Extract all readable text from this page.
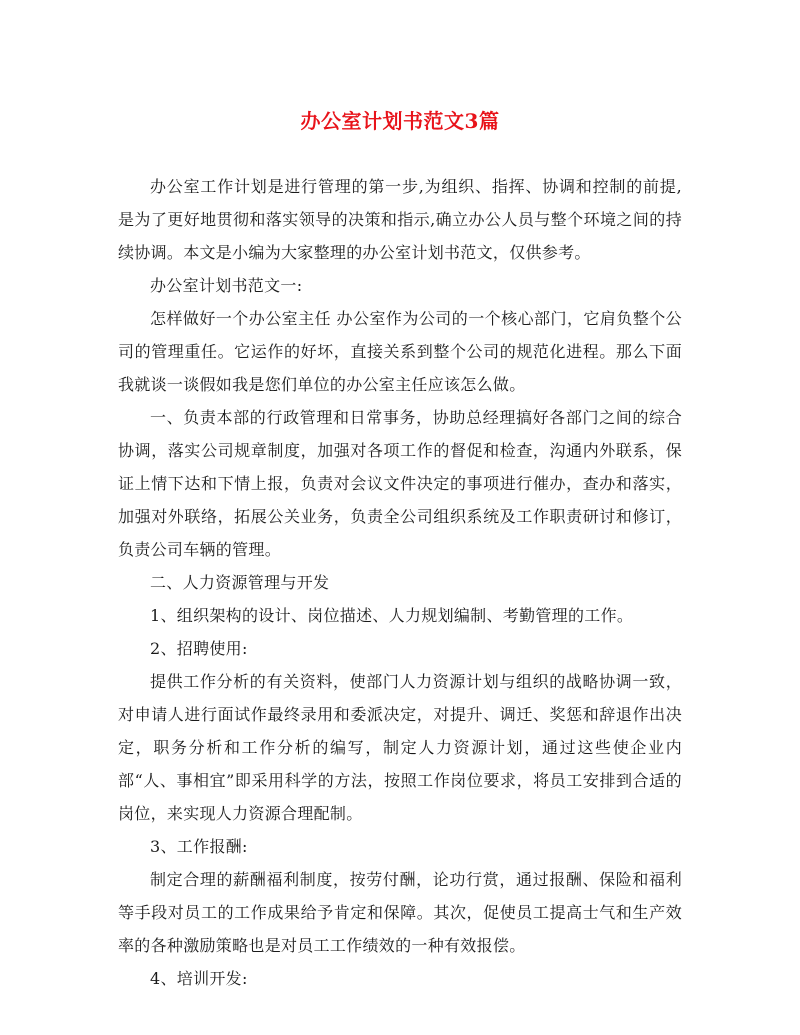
办公室计划书范文3篇

办公室工作计划是进行管理的第一步,为组织、指挥、协调和控制的前提,是为了更好地贯彻和落实领导的决策和指示,确立办公人员与整个环境之间的持续协调。本文是小编为大家整理的办公室计划书范文，仅供参考。

办公室计划书范文一:

怎样做好一个办公室主任 办公室作为公司的一个核心部门，它肩负整个公司的管理重任。它运作的好坏，直接关系到整个公司的规范化进程。那么下面我就谈一谈假如我是您们单位的办公室主任应该怎么做。

一、负责本部的行政管理和日常事务，协助总经理搞好各部门之间的综合协调，落实公司规章制度，加强对各项工作的督促和检查，沟通内外联系，保证上情下达和下情上报，负责对会议文件决定的事项进行催办，查办和落实，加强对外联络，拓展公关业务，负责全公司组织系统及工作职责研讨和修订，负责公司车辆的管理。

二、人力资源管理与开发

1、组织架构的设计、岗位描述、人力规划编制、考勤管理的工作。

2、招聘使用:

提供工作分析的有关资料，使部门人力资源计划与组织的战略协调一致，对申请人进行面试作最终录用和委派决定，对提升、调迁、奖惩和辞退作出决定，职务分析和工作分析的编写，制定人力资源计划，通过这些使企业内部“人、事相宜”即采用科学的方法，按照工作岗位要求，将员工安排到合适的岗位，来实现人力资源合理配制。

3、工作报酬:

制定合理的薪酬福利制度，按劳付酬，论功行赏，通过报酬、保险和福利等手段对员工的工作成果给予肯定和保障。其次，促使员工提高士气和生产效率的各种激励策略也是对员工工作绩效的一种有效报偿。

4、培训开发:
